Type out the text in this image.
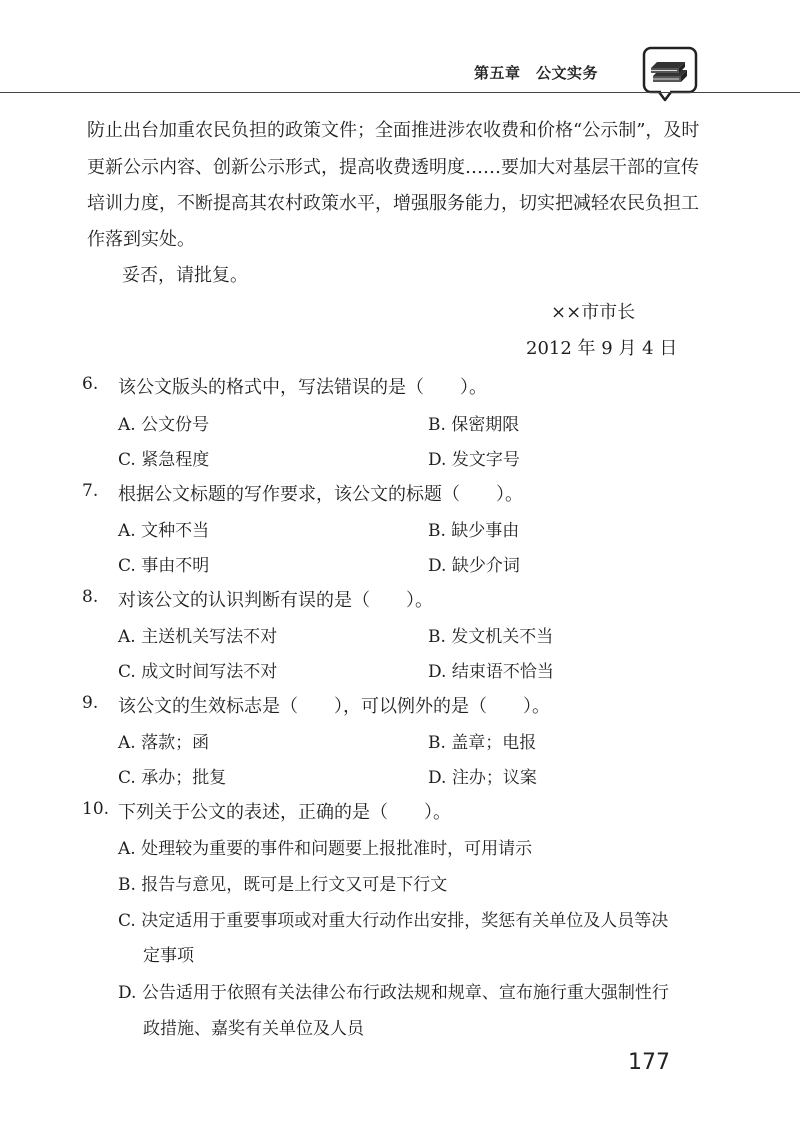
第五章　公文实务
防止出台加重农民负担的政策文件；全面推进涉农收费和价格“公示制”，及时
更新公示内容、创新公示形式，提高收费透明度……要加大对基层干部的宣传
培训力度，不断提高其农村政策水平，增强服务能力，切实把减轻农民负担工
作落到实处。
妥否，请批复。
××市市长
2012 年 9 月 4 日
6. 该公文版头的格式中，写法错误的是（　　）。
A. 公文份号	B. 保密期限
C. 紧急程度	D. 发文字号
7. 根据公文标题的写作要求，该公文的标题（　　）。
A. 文种不当	B. 缺少事由
C. 事由不明	D. 缺少介词
8. 对该公文的认识判断有误的是（　　）。
A. 主送机关写法不对	B. 发文机关不当
C. 成文时间写法不对	D. 结束语不恰当
9. 该公文的生效标志是（　　），可以例外的是（　　）。
A. 落款；函	B. 盖章；电报
C. 承办；批复	D. 注办；议案
10. 下列关于公文的表述，正确的是（　　）。
A. 处理较为重要的事件和问题要上报批准时，可用请示
B. 报告与意见，既可是上行文又可是下行文
C. 决定适用于重要事项或对重大行动作出安排，奖惩有关单位及人员等决
定事项
D. 公告适用于依照有关法律公布行政法规和规章、宣布施行重大强制性行
政措施、嘉奖有关单位及人员
177
